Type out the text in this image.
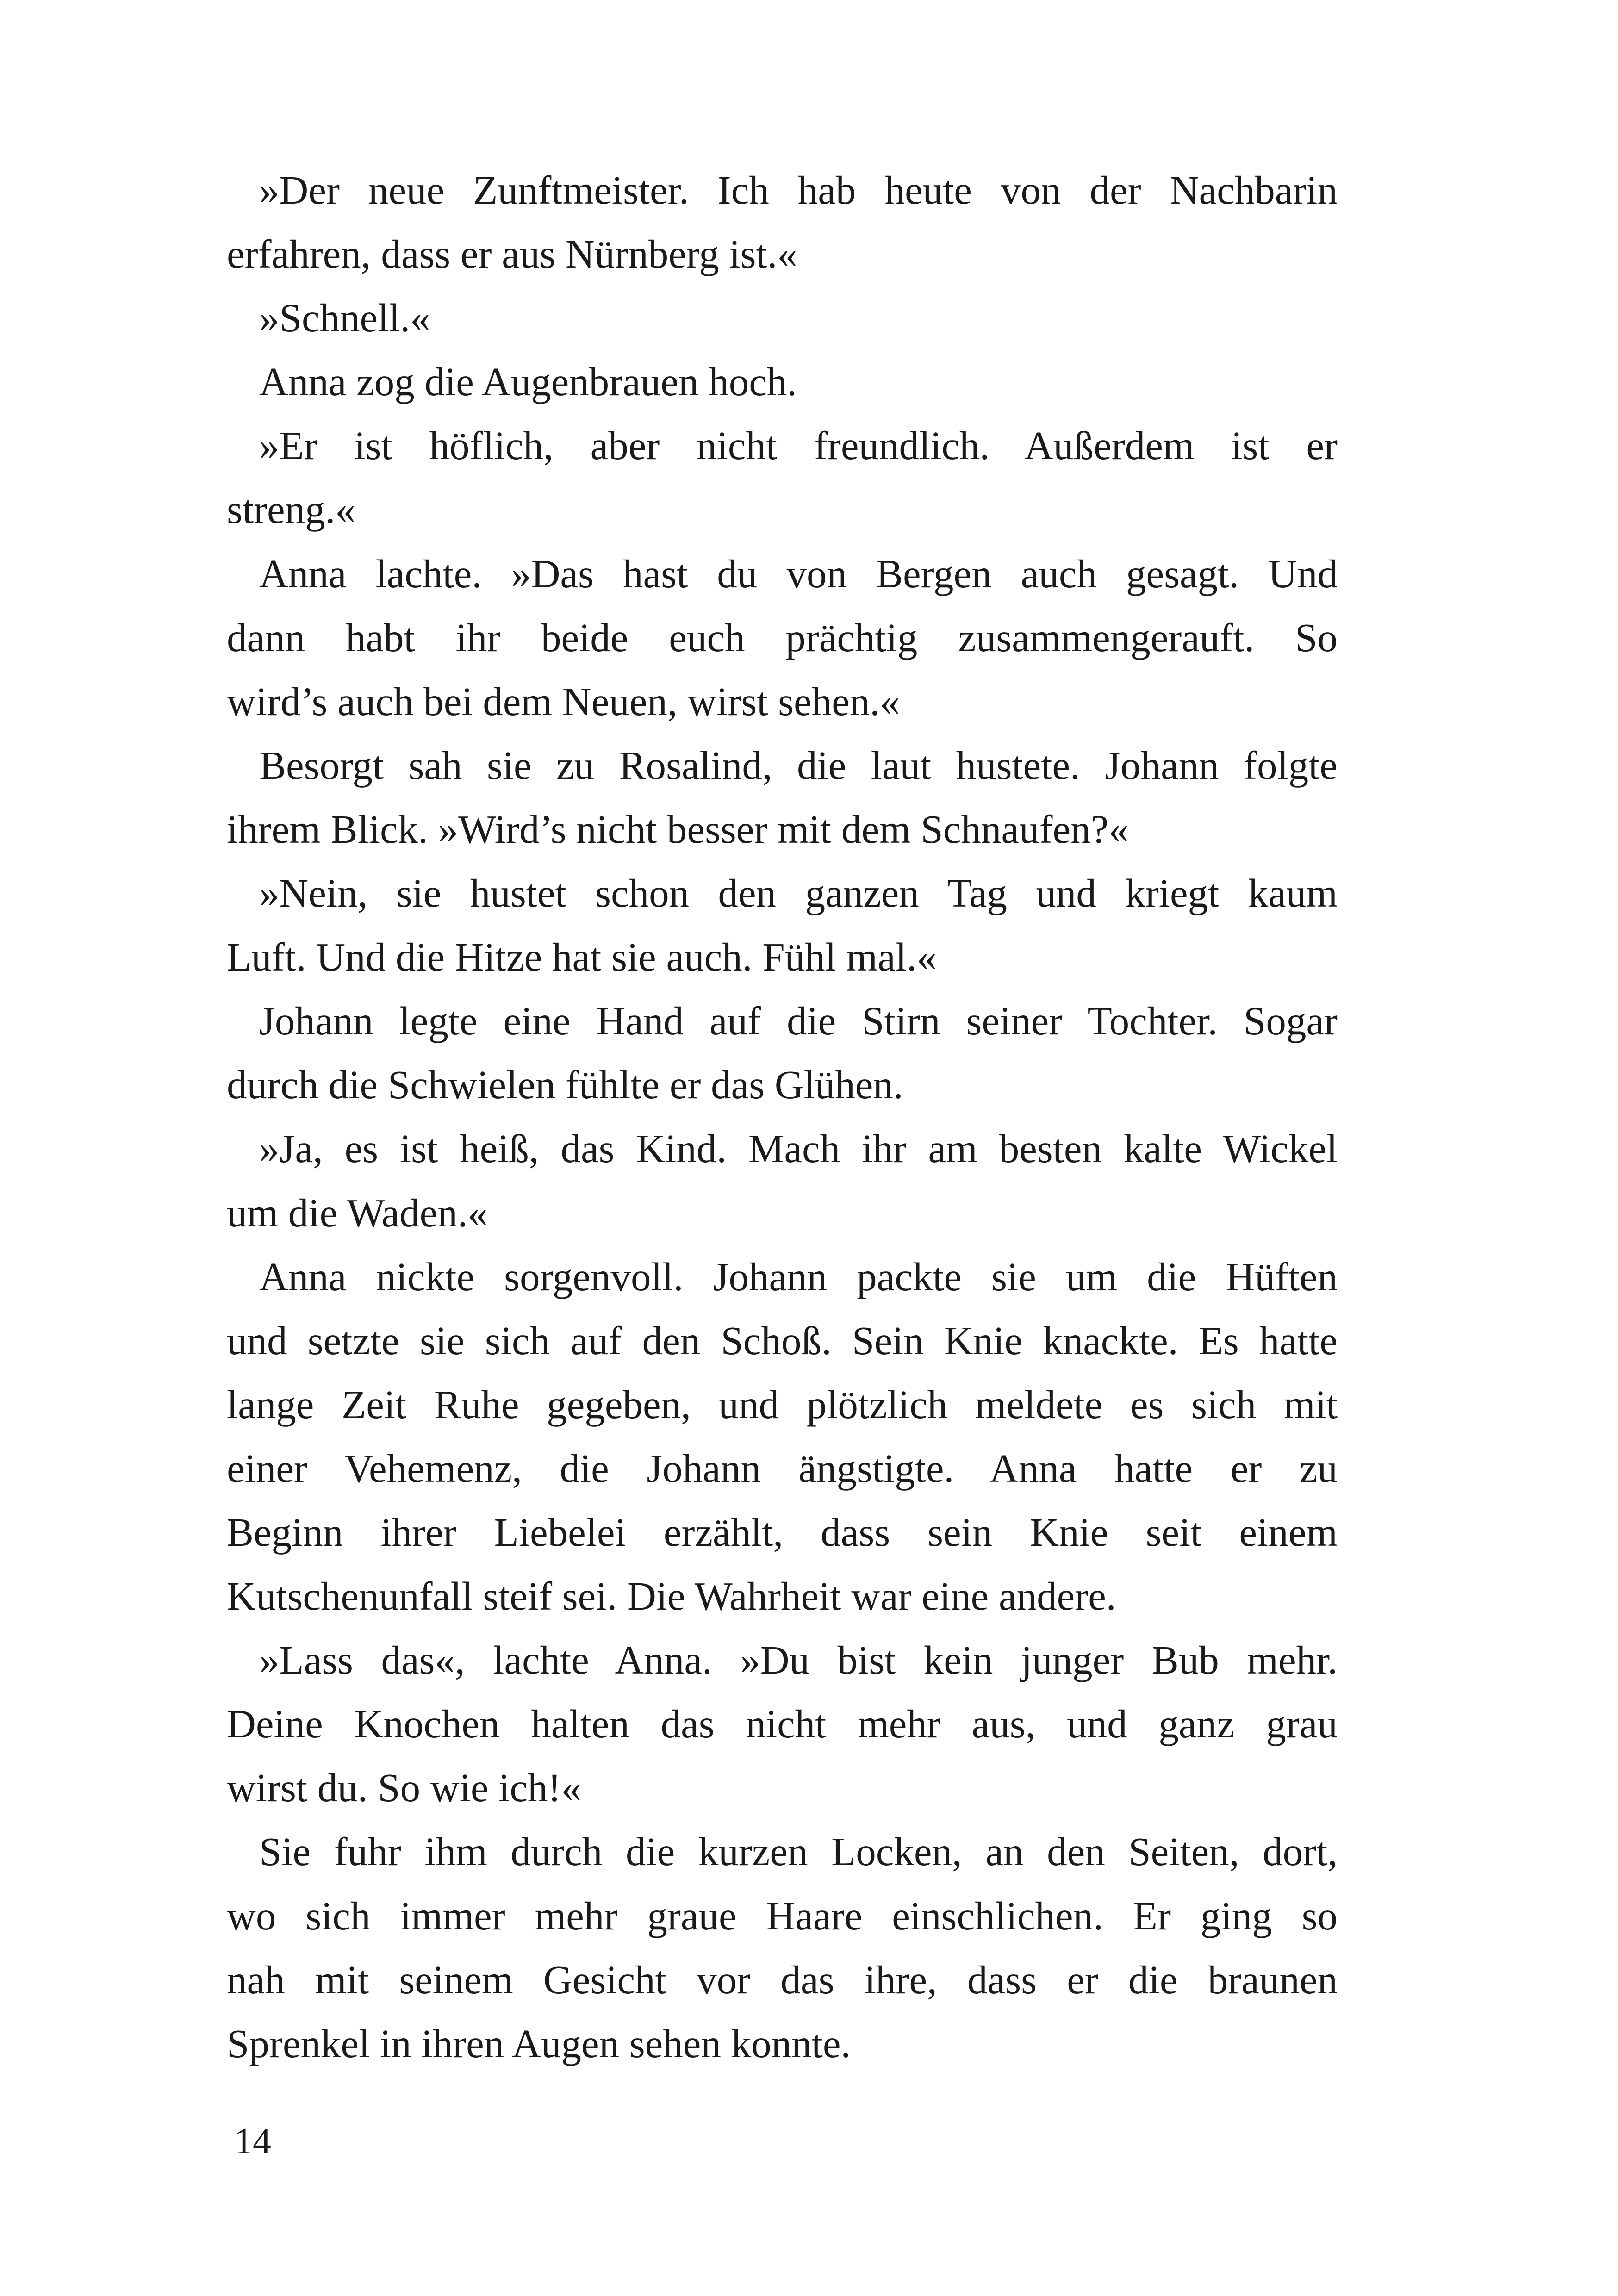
»Der neue Zunftmeister. Ich hab heute von der Nachbarin
erfahren, dass er aus Nürnberg ist.«
»Schnell.«
Anna zog die Augenbrauen hoch.
»Er ist höflich, aber nicht freundlich. Außerdem ist er
streng.«
Anna lachte. »Das hast du von Bergen auch gesagt. Und
dann habt ihr beide euch prächtig zusammengerauft. So
wird’s auch bei dem Neuen, wirst sehen.«
Besorgt sah sie zu Rosalind, die laut hustete. Johann folgte
ihrem Blick. »Wird’s nicht besser mit dem Schnaufen?«
»Nein, sie hustet schon den ganzen Tag und kriegt kaum
Luft. Und die Hitze hat sie auch. Fühl mal.«
Johann legte eine Hand auf die Stirn seiner Tochter. Sogar
durch die Schwielen fühlte er das Glühen.
»Ja, es ist heiß, das Kind. Mach ihr am besten kalte Wickel
um die Waden.«
Anna nickte sorgenvoll. Johann packte sie um die Hüften
und setzte sie sich auf den Schoß. Sein Knie knackte. Es hatte
lange Zeit Ruhe gegeben, und plötzlich meldete es sich mit
einer Vehemenz, die Johann ängstigte. Anna hatte er zu
Beginn ihrer Liebelei erzählt, dass sein Knie seit einem
Kutschenunfall steif sei. Die Wahrheit war eine andere.
»Lass das«, lachte Anna. »Du bist kein junger Bub mehr.
Deine Knochen halten das nicht mehr aus, und ganz grau
wirst du. So wie ich!«
Sie fuhr ihm durch die kurzen Locken, an den Seiten, dort,
wo sich immer mehr graue Haare einschlichen. Er ging so
nah mit seinem Gesicht vor das ihre, dass er die braunen
Sprenkel in ihren Augen sehen konnte.
14
